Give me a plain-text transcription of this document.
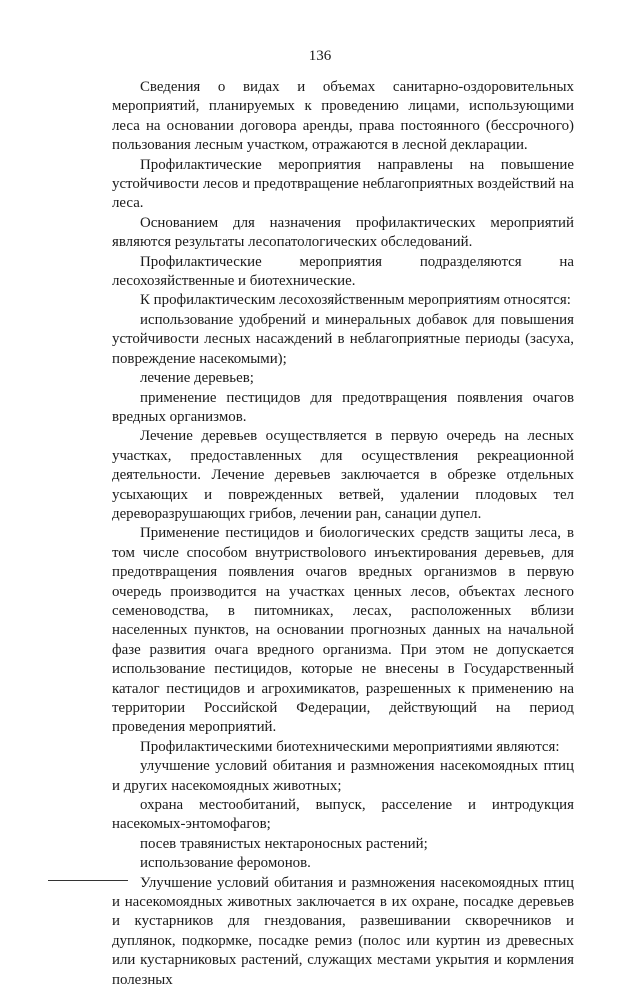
136

Сведения о видах и объемах санитарно-оздоровительных мероприятий, планируемых к проведению лицами, использующими леса на основании договора аренды, права постоянного (бессрочного) пользования лесным участком, отражаются в лесной декларации.

Профилактические мероприятия направлены на повышение устойчивости лесов и предотвращение неблагоприятных воздействий на леса.

Основанием для назначения профилактических мероприятий являются результаты лесопатологических обследований.

Профилактические мероприятия подразделяются на лесохозяйственные и биотехнические.

К профилактическим лесохозяйственным мероприятиям относятся:

использование удобрений и минеральных добавок для повышения устойчивости лесных насаждений в неблагоприятные периоды (засуха, повреждение насекомыми);

лечение деревьев;

применение пестицидов для предотвращения появления очагов вредных организмов.

Лечение деревьев осуществляется в первую очередь на лесных участках, предоставленных для осуществления рекреационной деятельности. Лечение деревьев заключается в обрезке отдельных усыхающих и поврежденных ветвей, удалении плодовых тел дереворазрушающих грибов, лечении ран, санации дупел.

Применение пестицидов и биологических средств защиты леса, в том числе способом внутриствolового инъектирования деревьев, для предотвращения появления очагов вредных организмов в первую очередь производится на участках ценных лесов, объектах лесного семеноводства, в питомниках, лесах, расположенных вблизи населенных пунктов, на основании прогнозных данных на начальной фазе развития очага вредного организма. При этом не допускается использование пестицидов, которые не внесены в Государственный каталог пестицидов и агрохимикатов, разрешенных к применению на территории Российской Федерации, действующий на период проведения мероприятий.

Профилактическими биотехническими мероприятиями являются:

улучшение условий обитания и размножения насекомоядных птиц и других насекомоядных животных;

охрана местообитаний, выпуск, расселение и интродукция насекомых-энтомофагов;

посев травянистых нектароносных растений;

использование феромонов.

Улучшение условий обитания и размножения насекомоядных птиц и насекомоядных животных заключается в их охране, посадке деревьев и кустарников для гнездования, развешивании скворечников и дуплянок, подкормке, посадке ремиз (полос или куртин из древесных или кустарниковых растений, служащих местами укрытия и кормления полезных
